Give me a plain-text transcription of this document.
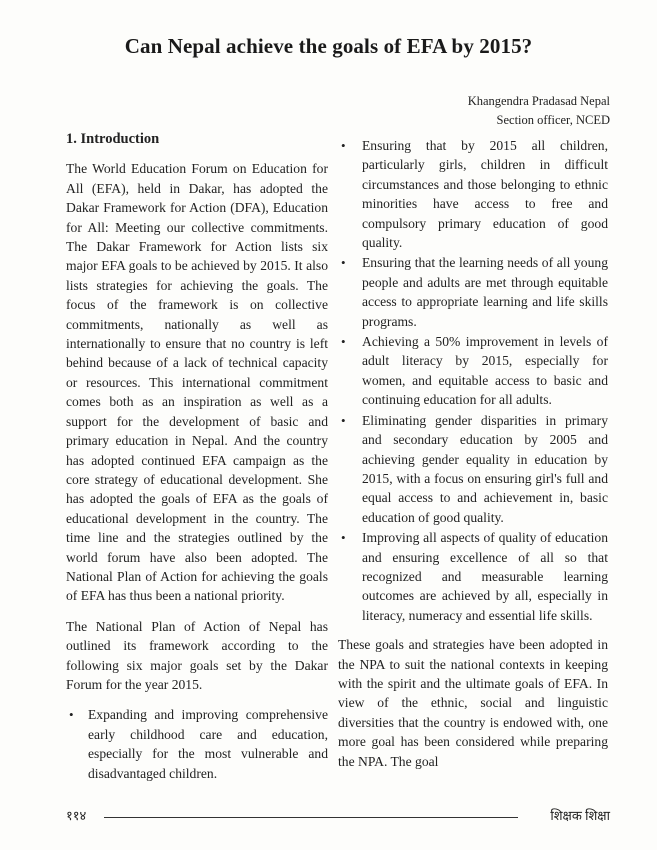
Can Nepal achieve the goals of EFA by 2015?
Khangendra Pradasad Nepal
Section officer, NCED
1. Introduction

The World Education Forum on Education for All (EFA), held in Dakar, has adopted the Dakar Framework for Action (DFA), Education for All: Meeting our collective commitments. The Dakar Framework for Action lists six major EFA goals to be achieved by 2015. It also lists strategies for achieving the goals. The focus of the framework is on collective commitments, nationally as well as internationally to ensure that no country is left behind because of a lack of technical capacity or resources. This international commitment comes both as an inspiration as well as a support for the development of basic and primary education in Nepal. And the country has adopted continued EFA campaign as the core strategy of educational development. She has adopted the goals of EFA as the goals of educational development in the country. The time line and the strategies outlined by the world forum have also been adopted. The National Plan of Action for achieving the goals of EFA has thus been a national priority.

The National Plan of Action of Nepal has outlined its framework according to the following six major goals set by the Dakar Forum for the year 2015.

• Expanding and improving comprehensive early childhood care and education, especially for the most vulnerable and disadvantaged children.
• Ensuring that by 2015 all children, particularly girls, children in difficult circumstances and those belonging to ethnic minorities have access to free and compulsory primary education of good quality.
• Ensuring that the learning needs of all young people and adults are met through equitable access to appropriate learning and life skills programs.
• Achieving a 50% improvement in levels of adult literacy by 2015, especially for women, and equitable access to basic and continuing education for all adults.
• Eliminating gender disparities in primary and secondary education by 2005 and achieving gender equality in education by 2015, with a focus on ensuring girl's full and equal access to and achievement in, basic education of good quality.
• Improving all aspects of quality of education and ensuring excellence of all so that recognized and measurable learning outcomes are achieved by all, especially in literacy, numeracy and essential life skills.

These goals and strategies have been adopted in the NPA to suit the national contexts in keeping with the spirit and the ultimate goals of EFA. In view of the ethnic, social and linguistic diversities that the country is endowed with, one more goal has been considered while preparing the NPA. The goal

११४	शिक्षक शिक्षा
